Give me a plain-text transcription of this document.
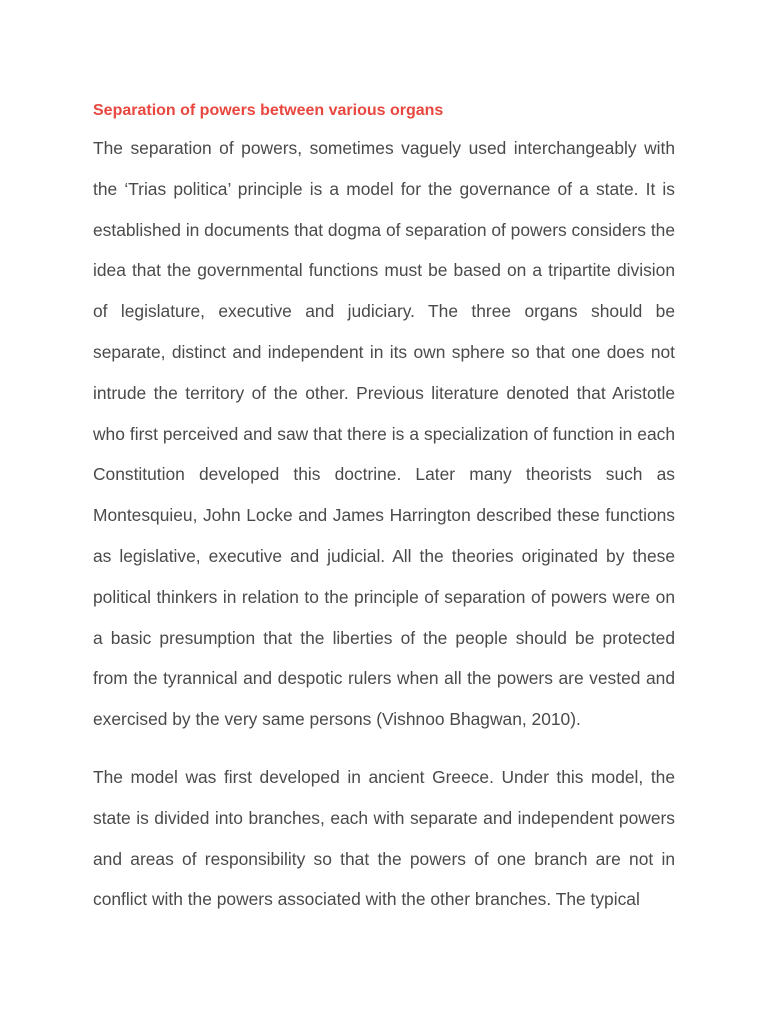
Separation of powers between various organs

The separation of powers, sometimes vaguely used interchangeably with the ‘Trias politica’ principle is a model for the governance of a state. It is established in documents that dogma of separation of powers considers the idea that the governmental functions must be based on a tripartite division of legislature, executive and judiciary. The three organs should be separate, distinct and independent in its own sphere so that one does not intrude the territory of the other. Previous literature denoted that Aristotle who first perceived and saw that there is a specialization of function in each Constitution developed this doctrine. Later many theorists such as Montesquieu, John Locke and James Harrington described these functions as legislative, executive and judicial. All the theories originated by these political thinkers in relation to the principle of separation of powers were on a basic presumption that the liberties of the people should be protected from the tyrannical and despotic rulers when all the powers are vested and exercised by the very same persons (Vishnoo Bhagwan, 2010).

The model was first developed in ancient Greece. Under this model, the state is divided into branches, each with separate and independent powers and areas of responsibility so that the powers of one branch are not in conflict with the powers associated with the other branches. The typical
